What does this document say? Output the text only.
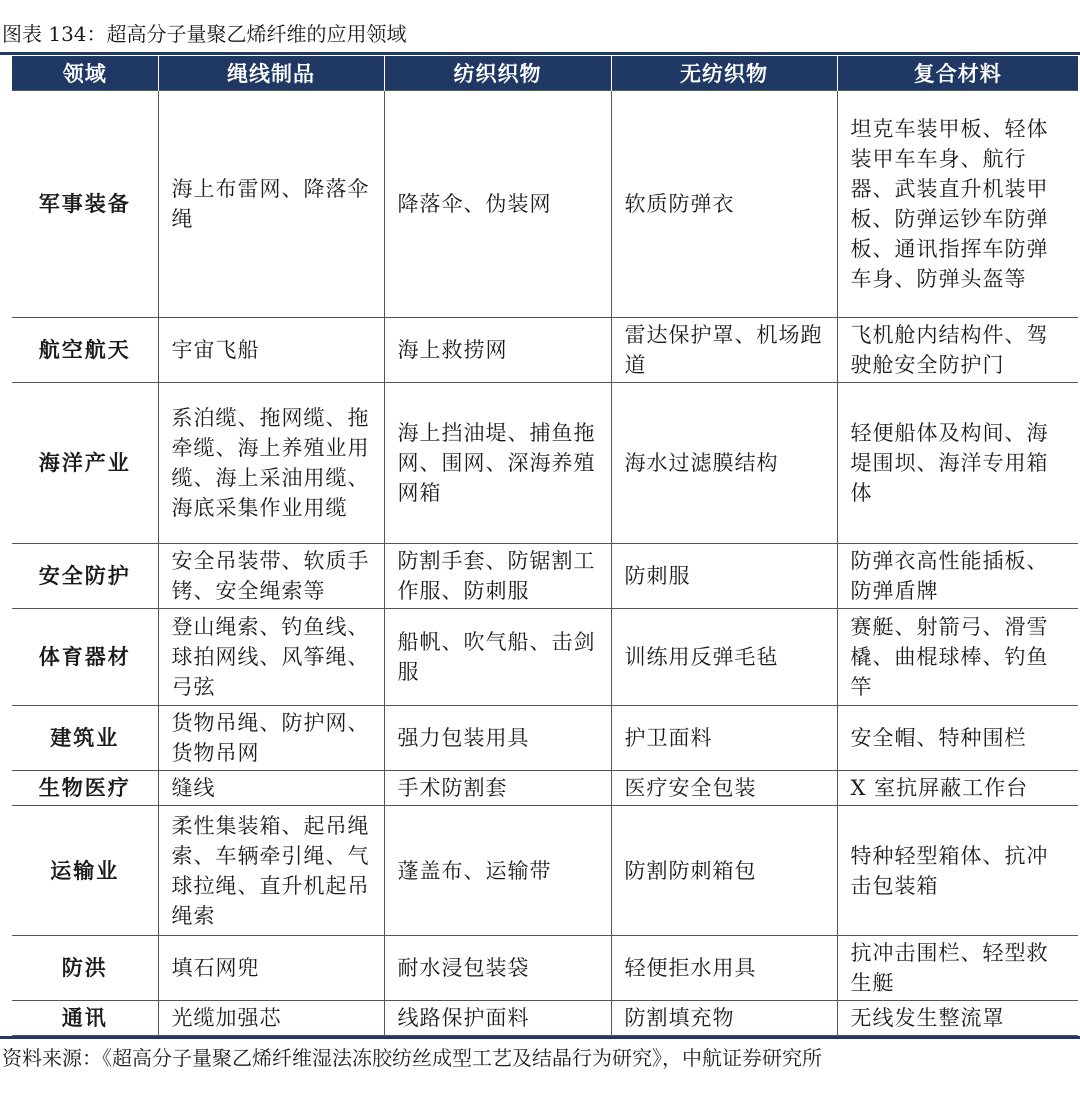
图表 134：超高分子量聚乙烯纤维的应用领域
领域	绳线制品	纺织织物	无纺织物	复合材料
军事装备	海上布雷网、降落伞绳	降落伞、伪装网	软质防弹衣	坦克车装甲板、轻体装甲车车身、航行器、武装直升机装甲板、防弹运钞车防弹板、通讯指挥车防弹车身、防弹头盔等
航空航天	宇宙飞船	海上救捞网	雷达保护罩、机场跑道	飞机舱内结构件、驾驶舱安全防护门
海洋产业	系泊缆、拖网缆、拖牵缆、海上养殖业用缆、海上采油用缆、海底采集作业用缆	海上挡油堤、捕鱼拖网、围网、深海养殖网箱	海水过滤膜结构	轻便船体及构间、海堤围坝、海洋专用箱体
安全防护	安全吊装带、软质手铐、安全绳索等	防割手套、防锯割工作服、防刺服	防刺服	防弹衣高性能插板、防弹盾牌
体育器材	登山绳索、钓鱼线、球拍网线、风筝绳、弓弦	船帆、吹气船、击剑服	训练用反弹毛毡	赛艇、射箭弓、滑雪橇、曲棍球棒、钓鱼竿
建筑业	货物吊绳、防护网、货物吊网	强力包装用具	护卫面料	安全帽、特种围栏
生物医疗	缝线	手术防割套	医疗安全包装	X 室抗屏蔽工作台
运输业	柔性集装箱、起吊绳索、车辆牵引绳、气球拉绳、直升机起吊绳索	蓬盖布、运输带	防割防刺箱包	特种轻型箱体、抗冲击包装箱
防洪	填石网兜	耐水浸包装袋	轻便拒水用具	抗冲击围栏、轻型救生艇
通讯	光缆加强芯	线路保护面料	防割填充物	无线发生整流罩
资料来源：《超高分子量聚乙烯纤维湿法冻胶纺丝成型工艺及结晶行为研究》，中航证券研究所
